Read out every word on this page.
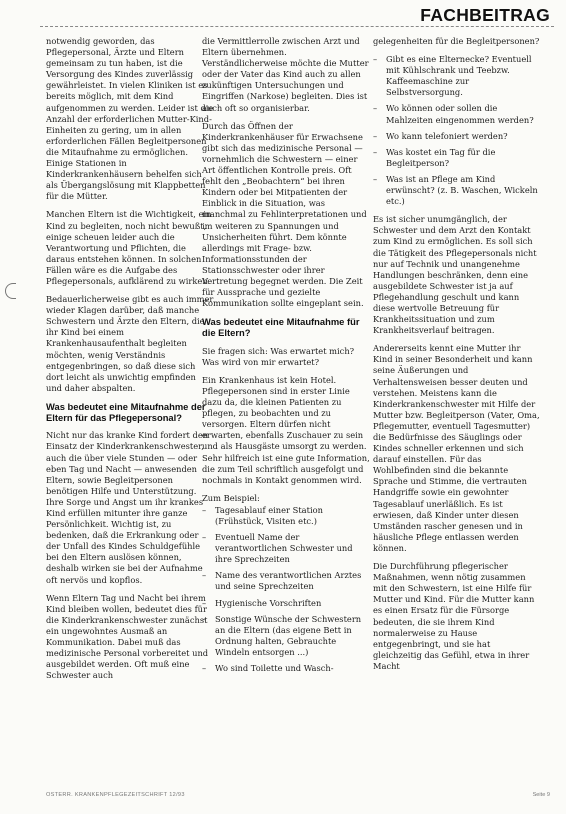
FACHBEITRAG

notwendig geworden, das Pflegepersonal, Ärzte und Eltern gemeinsam zu tun haben, ist die Versorgung des Kindes zuverlässig gewährleistet. In vielen Kliniken ist es bereits möglich, mit dem Kind aufgenommen zu werden. Leider ist die Anzahl der erforderlichen Mutter-Kind-Einheiten zu gering, um in allen erforderlichen Fällen Begleitpersonen die Mitaufnahme zu ermöglichen. Einige Stationen in Kinderkrankenhäusern behelfen sich als Übergangslösung mit Klappbetten für die Mütter.

Manchen Eltern ist die Wichtigkeit, ein Kind zu begleiten, noch nicht bewußt, einige scheuen leider auch die Verantwortung und Pflichten, die daraus entstehen können. In solchen Fällen wäre es die Aufgabe des Pflegepersonals, aufklärend zu wirken.

Bedauerlicherweise gibt es auch immer wieder Klagen darüber, daß manche Schwestern und Ärzte den Eltern, die ihr Kind bei einem Krankenhausaufenthalt begleiten möchten, wenig Verständnis entgegenbringen, so daß diese sich dort leicht als unwichtig empfinden und daher abspalten.

Was bedeutet eine Mitaufnahme der Eltern für das Pflegepersonal?

Nicht nur das kranke Kind fordert den Einsatz der Kinderkrankenschwester, auch die über viele Stunden — oder eben Tag und Nacht — anwesenden Eltern, sowie Begleitpersonen benötigen Hilfe und Unterstützung. Ihre Sorge und Angst um ihr krankes Kind erfüllen mitunter ihre ganze Persönlichkeit. Wichtig ist, zu bedenken, daß die Erkrankung oder der Unfall des Kindes Schuldgefühle bei den Eltern auslösen können, deshalb wirken sie bei der Aufnahme oft nervös und kopflos.

Wenn Eltern Tag und Nacht bei ihrem Kind bleiben wollen, bedeutet dies für die Kinderkrankenschwester zunächst ein ungewohntes Ausmaß an Kommunikation. Dabei muß das medizinische Personal vorbereitet und ausgebildet werden. Oft muß eine Schwester auch

die Vermittlerrolle zwischen Arzt und Eltern übernehmen. Verständlicherweise möchte die Mutter oder der Vater das Kind auch zu allen zukünftigen Untersuchungen und Eingriffen (Narkose) begleiten. Dies ist auch oft so organisierbar.

Durch das Öffnen der Kinderkrankenhäuser für Erwachsene gibt sich das medizinische Personal — vornehmlich die Schwestern — einer Art öffentlichen Kontrolle preis. Oft fehlt den „Beobachtern“ bei ihren Kindern oder bei Mitpatienten der Einblick in die Situation, was manchmal zu Fehlinterpretationen und im weiteren zu Spannungen und Unsicherheiten führt. Dem könnte allerdings mit Frage- bzw. Informationsstunden der Stationsschwester oder ihrer Vertretung begegnet werden. Die Zeit für Aussprache und gezielte Kommunikation sollte eingeplant sein.

Was bedeutet eine Mitaufnahme für die Eltern?

Sie fragen sich: Was erwartet mich? Was wird von mir erwartet?

Ein Krankenhaus ist kein Hotel. Pflegepersonen sind in erster Linie dazu da, die kleinen Patienten zu pflegen, zu beobachten und zu versorgen. Eltern dürfen nicht erwarten, ebenfalls Zuschauer zu sein und als Hausgäste umsorgt zu werden. Sehr hilfreich ist eine gute Information, die zum Teil schriftlich ausgefolgt und nochmals in Kontakt genommen wird.

Zum Beispiel:

– Tagesablauf einer Station (Frühstück, Visiten etc.)
– Eventuell Name der verantwortlichen Schwester und ihre Sprechzeiten
– Name des verantwortlichen Arztes und seine Sprechzeiten
– Hygienische Vorschriften
– Sonstige Wünsche der Schwestern an die Eltern (das eigene Bett in Ordnung halten, Gebrauchte Windeln entsorgen ...)
– Wo sind Toilette und Wasch-

gelegenheiten für die Begleitpersonen?

– Gibt es eine Elternecke? Eventuell mit Kühlschrank und Teebzw. Kaffeemaschine zur Selbstversorgung.
– Wo können oder sollen die Mahlzeiten eingenommen werden?
– Wo kann telefoniert werden?
– Was kostet ein Tag für die Begleitperson?
– Was ist an Pflege am Kind erwünscht? (z. B. Waschen, Wickeln etc.)

Es ist sicher unumgänglich, der Schwester und dem Arzt den Kontakt zum Kind zu ermöglichen. Es soll sich die Tätigkeit des Pflegepersonals nicht nur auf Technik und unangenehme Handlungen beschränken, denn eine ausgebildete Schwester ist ja auf Pflegehandlung geschult und kann diese wertvolle Betreuung für Krankheitssituation und zum Krankheitsverlauf beitragen.

Andererseits kennt eine Mutter ihr Kind in seiner Besonderheit und kann seine Äußerungen und Verhaltensweisen besser deuten und verstehen. Meistens kann die Kinderkrankenschwester mit Hilfe der Mutter bzw. Begleitperson (Vater, Oma, Pflegemutter, eventuell Tagesmutter) die Bedürfnisse des Säuglings oder Kindes schneller erkennen und sich darauf einstellen. Für das Wohlbefinden sind die bekannte Sprache und Stimme, die vertrauten Handgriffe sowie ein gewohnter Tagesablauf unerläßlich. Es ist erwiesen, daß Kinder unter diesen Umständen rascher genesen und in häusliche Pflege entlassen werden können.

Die Durchführung pflegerischer Maßnahmen, wenn nötig zusammen mit den Schwestern, ist eine Hilfe für Mutter und Kind. Für die Mutter kann es einen Ersatz für die Fürsorge bedeuten, die sie ihrem Kind normalerweise zu Hause entgegenbringt, und sie hat gleichzeitig das Gefühl, etwa in ihrer Macht

OSTERR. KRANKENPFLEGEZEITSCHRIFT 12/93	Seite 9
